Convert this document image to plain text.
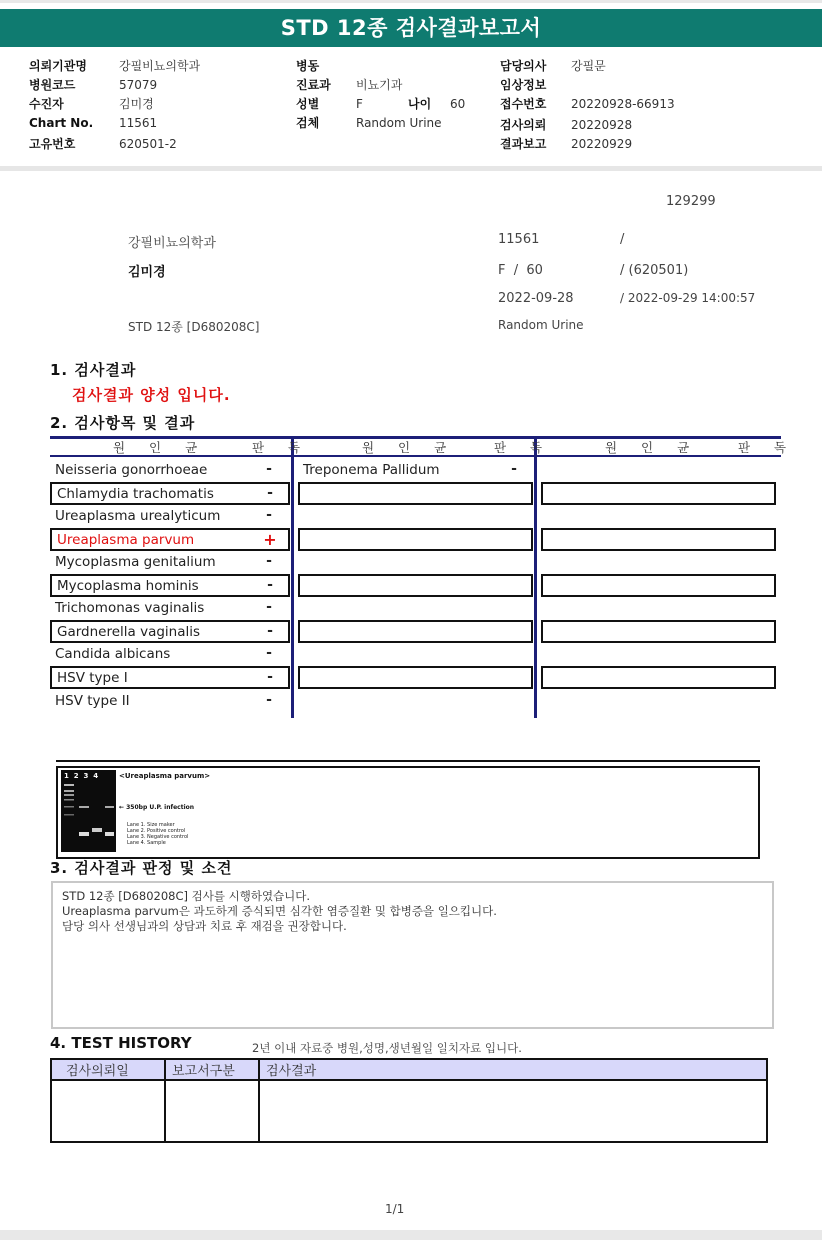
STD 12종 검사결과보고서
의뢰기관명	강필비뇨의학과
병원코드	57079
수진자	김미경
Chart No. 11561
고유번호	620501-2
병동
진료과 비뇨기과
성별	F	나이 60
검체	Random Urine
담당의사 강필문
임상정보
접수번호 20220928-66913
검사의뢰 20220928
결과보고 20220929
129299
강필비뇨의학과	11561	/
김미경	F  /  60	/ (620501)
2022-09-28	/ 2022-09-29 14:00:57
STD 12종 [D680208C]	Random Urine
1. 검사결과
검사결과 양성 입니다.
2. 검사항목 및 결과
원 인 균	판 독	원 인 균	판 독	원 인 균	판 독
Neisseria gonorrhoeae	-
Chlamydia trachomatis	-
Ureaplasma urealyticum	-
Ureaplasma parvum	+
Mycoplasma genitalium	-
Mycoplasma hominis	-
Trichomonas vaginalis	-
Gardnerella vaginalis	-
Candida albicans	-
HSV type I	-
HSV type II	-
Treponema Pallidum	-
1  2  3  4	<Ureaplasma parvum>
← 350bp U.P. infection
Lane 1. Size maker
Lane 2. Positive control
Lane 3. Negative control
Lane 4. Sample
3. 검사결과 판정 및 소견
STD 12종 [D680208C] 검사를 시행하였습니다.
Ureaplasma parvum은 과도하게 증식되면 심각한 염증질환 및 합병증을 일으킵니다.
담당 의사 선생님과의 상담과 치료 후 재검을 권장합니다.
4. TEST HISTORY	2년 이내 자료중 병원,성명,생년월일 일치자료 입니다.
검사의뢰일	보고서구분	검사결과

1/1
